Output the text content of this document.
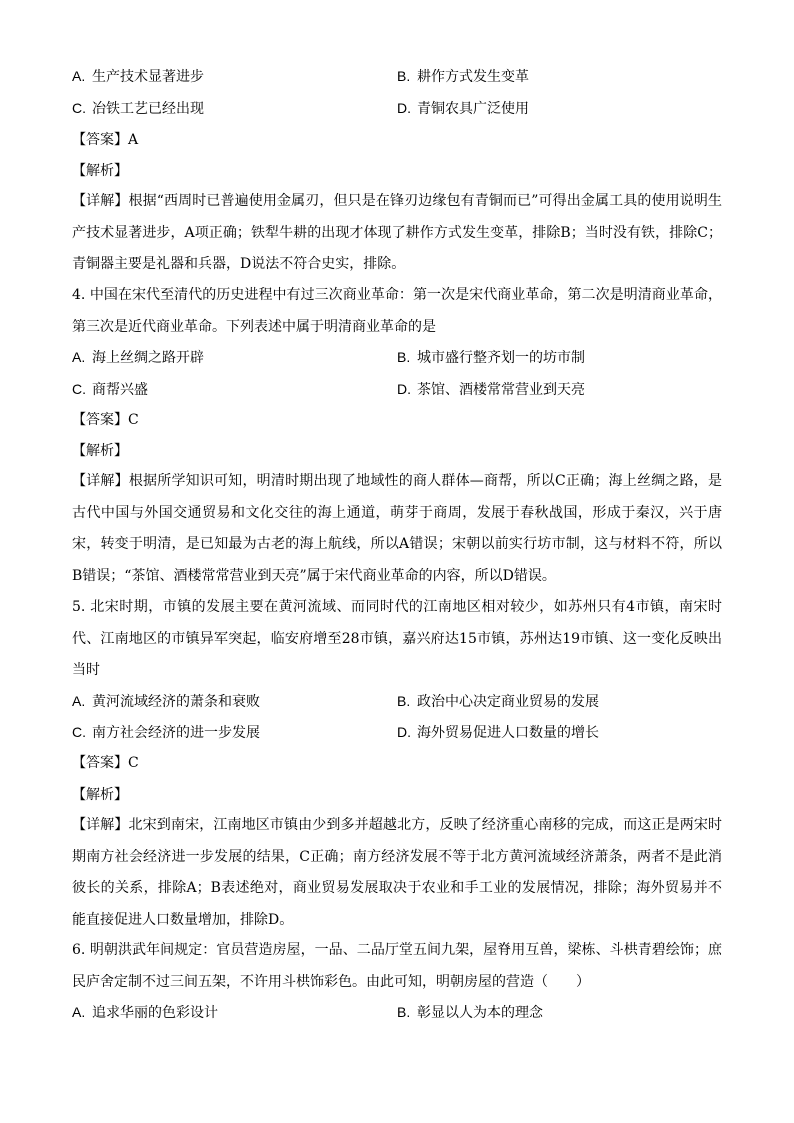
A. 生产技术显著进步	B. 耕作方式发生变革
C. 冶铁工艺已经出现	D. 青铜农具广泛使用
【答案】A
【解析】
【详解】根据“西周时已普遍使用金属刃，但只是在锋刃边缘包有青铜而已”可得出金属工具的使用说明生产技术显著进步，A项正确；铁犁牛耕的出现才体现了耕作方式发生变革，排除B；当时没有铁，排除C；青铜器主要是礼器和兵器，D说法不符合史实，排除。
4. 中国在宋代至清代的历史进程中有过三次商业革命：第一次是宋代商业革命，第二次是明清商业革命，第三次是近代商业革命。下列表述中属于明清商业革命的是
A. 海上丝绸之路开辟	B. 城市盛行整齐划一的坊市制
C. 商帮兴盛	D. 茶馆、酒楼常常营业到天亮
【答案】C
【解析】
【详解】根据所学知识可知，明清时期出现了地域性的商人群体—商帮，所以C正确；海上丝绸之路，是古代中国与外国交通贸易和文化交往的海上通道，萌芽于商周，发展于春秋战国，形成于秦汉，兴于唐宋，转变于明清，是已知最为古老的海上航线，所以A错误；宋朝以前实行坊市制，这与材料不符，所以B错误；“茶馆、酒楼常常营业到天亮”属于宋代商业革命的内容，所以D错误。
5. 北宋时期，市镇的发展主要在黄河流域、而同时代的江南地区相对较少，如苏州只有4市镇，南宋时代、江南地区的市镇异军突起，临安府增至28市镇，嘉兴府达15市镇，苏州达19市镇、这一变化反映出当时
A. 黄河流域经济的萧条和衰败	B. 政治中心决定商业贸易的发展
C. 南方社会经济的进一步发展	D. 海外贸易促进人口数量的增长
【答案】C
【解析】
【详解】北宋到南宋，江南地区市镇由少到多并超越北方，反映了经济重心南移的完成，而这正是两宋时期南方社会经济进一步发展的结果，C正确；南方经济发展不等于北方黄河流域经济萧条，两者不是此消彼长的关系，排除A；B表述绝对，商业贸易发展取决于农业和手工业的发展情况，排除；海外贸易并不能直接促进人口数量增加，排除D。
6. 明朝洪武年间规定：官员营造房屋，一品、二品厅堂五间九架，屋脊用互兽，梁栋、斗栱青碧绘饰；庶民庐舍定制不过三间五架，不许用斗栱饰彩色。由此可知，明朝房屋的营造（　　）
A. 追求华丽的色彩设计	B. 彰显以人为本的理念
